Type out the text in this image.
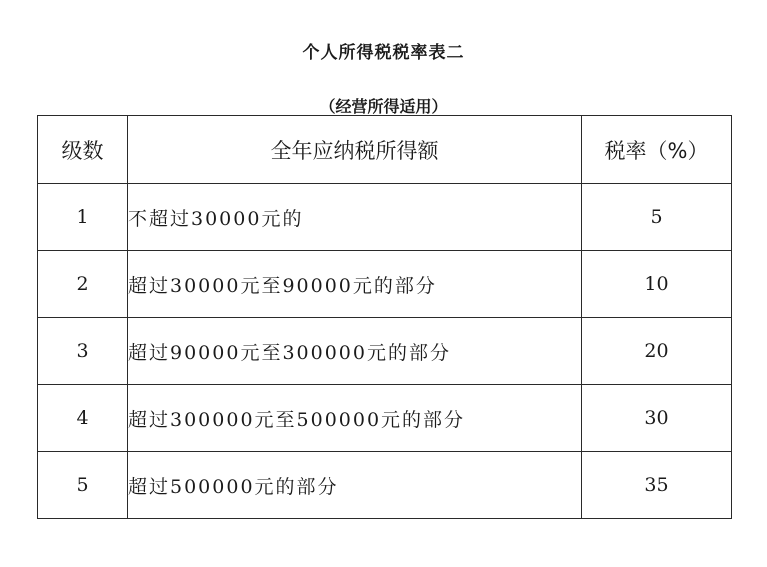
个人所得税税率表二
（经营所得适用）
级数	全年应纳税所得额	税率（%）
1	不超过30000元的	5
2	超过30000元至90000元的部分	10
3	超过90000元至300000元的部分	20
4	超过300000元至500000元的部分	30
5	超过500000元的部分	35
